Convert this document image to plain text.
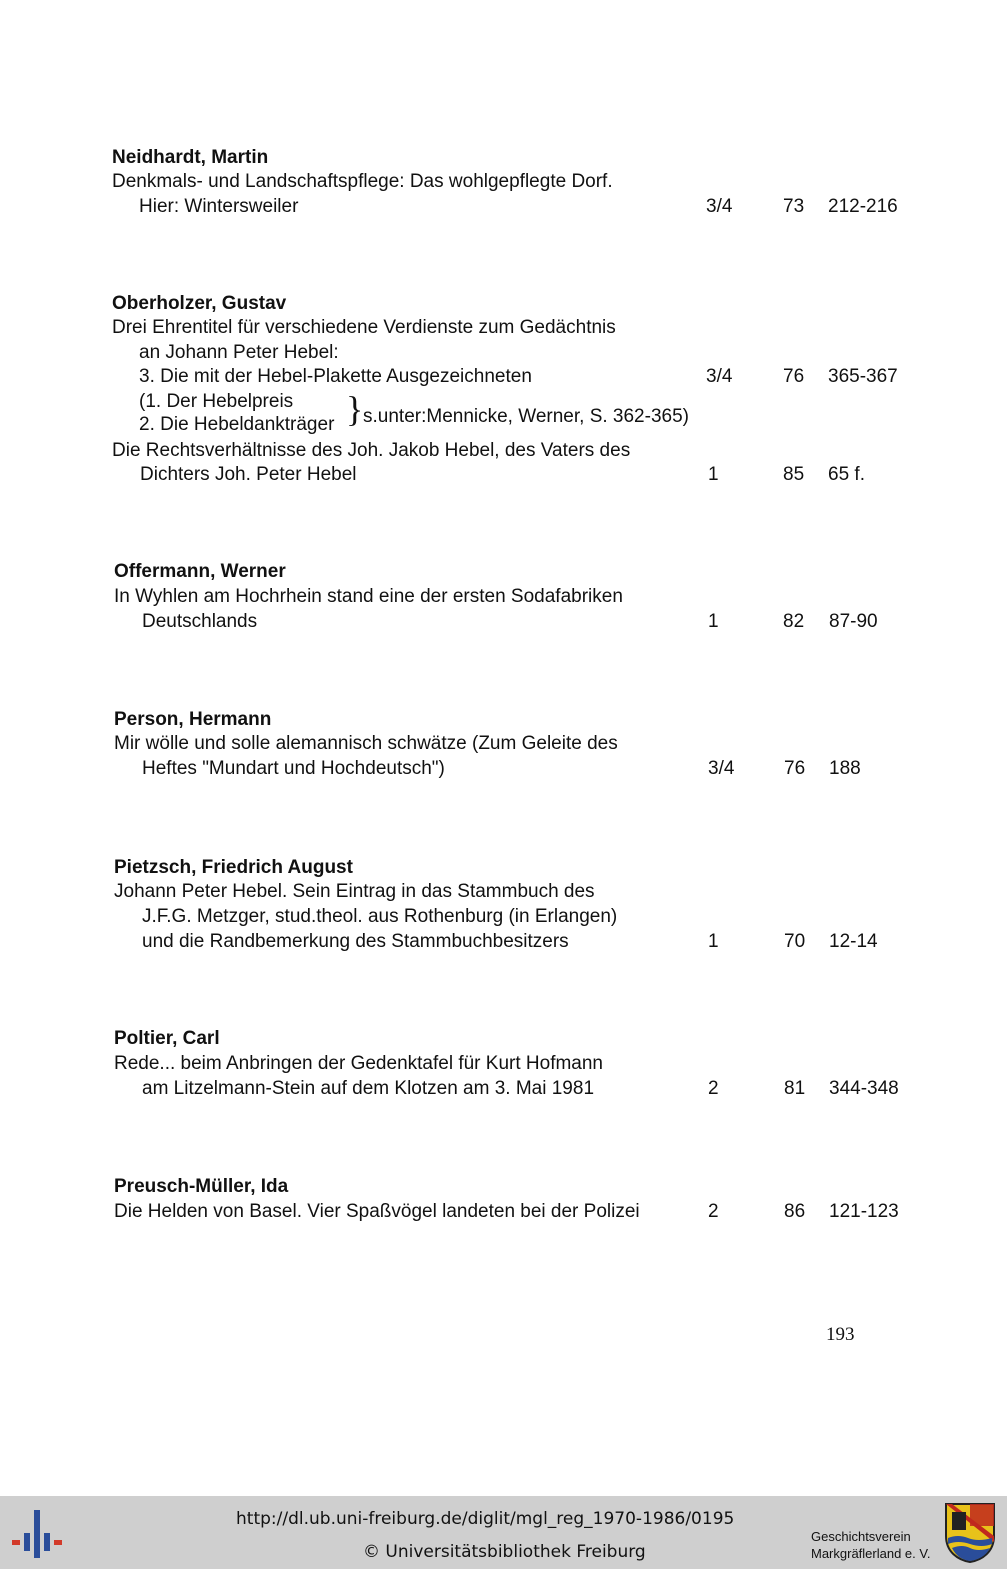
Neidhardt, Martin
Denkmals- und Landschaftspflege: Das wohlgepflegte Dorf.
Hier: Wintersweiler	3/4	73 212-216
Oberholzer, Gustav
Drei Ehrentitel für verschiedene Verdienste zum Gedächtnis
an Johann Peter Hebel:
3. Die mit der Hebel-Plakette Ausgezeichneten	3/4	76 365-367
(1. Der Hebelpreis
2. Die Hebeldankträger } s.unter:Mennicke, Werner, S. 362-365)
Die Rechtsverhältnisse des Joh. Jakob Hebel, des Vaters des
Dichters Joh. Peter Hebel	1	85 65 f.
Offermann, Werner
In Wyhlen am Hochrhein stand eine der ersten Sodafabriken
Deutschlands	1	82 87-90
Person, Hermann
Mir wölle und solle alemannisch schwätze (Zum Geleite des
Heftes "Mundart und Hochdeutsch")	3/4	76 188
Pietzsch, Friedrich August
Johann Peter Hebel. Sein Eintrag in das Stammbuch des
J.F.G. Metzger, stud.theol. aus Rothenburg (in Erlangen)
und die Randbemerkung des Stammbuchbesitzers	1	70 12-14
Poltier, Carl
Rede... beim Anbringen der Gedenktafel für Kurt Hofmann
am Litzelmann-Stein auf dem Klotzen am 3. Mai 1981	2	81 344-348
Preusch-Müller, Ida
Die Helden von Basel. Vier Spaßvögel landeten bei der Polizei	2	86 121-123
193
http://dl.ub.uni-freiburg.de/diglit/mgl_reg_1970-1986/0195
© Universitätsbibliothek Freiburg
Geschichtsverein
Markgräflerland e. V.
